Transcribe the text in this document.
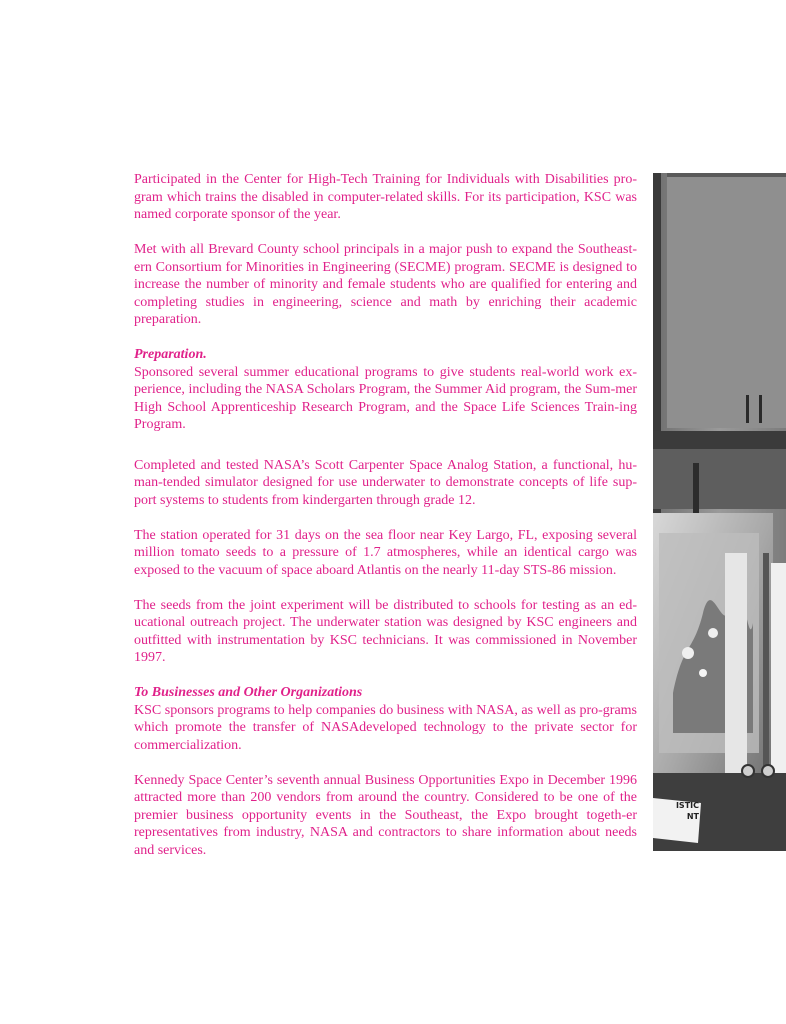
Participated in the Center for High-Tech Training for Individuals with Disabilities pro-gram which trains the disabled in computer-related skills. For its participation, KSC was named corporate sponsor of the year.

Met with all Brevard County school principals in a major push to expand the Southeast-ern Consortium for Minorities in Engineering (SECME) program. SECME is designed to increase the number of minority and female students who are qualified for entering and completing studies in engineering, science and math by enriching their academic preparation.

Preparation.

Sponsored several summer educational programs to give students real-world work ex-perience, including the NASA Scholars Program, the Summer Aid program, the Sum-mer High School Apprenticeship Research Program, and the Space Life Sciences Train-ing Program.

Completed and tested NASA’s Scott Carpenter Space Analog Station, a functional, hu-man-tended simulator designed for use underwater to demonstrate concepts of life sup-port systems to students from kindergarten through grade 12.

The station operated for 31 days on the sea floor near Key Largo, FL, exposing several million tomato seeds to a pressure of 1.7 atmospheres, while an identical cargo was exposed to the vacuum of space aboard Atlantis on the nearly 11-day STS-86 mission.

The seeds from the joint experiment will be distributed to schools for testing as an ed-ucational outreach project. The underwater station was designed by KSC engineers and outfitted with instrumentation by KSC technicians. It was commissioned in November 1997.

To Businesses and Other Organizations

KSC sponsors programs to help companies do business with NASA, as well as pro-grams which promote the transfer of NASAdeveloped technology to the private sector for commercialization.

Kennedy Space Center’s seventh annual Business Opportunities Expo in December 1996 attracted more than 200 vendors from around the country. Considered to be one of the premier business opportunity events in the Southeast, the Expo brought togeth-er representatives from industry, NASA and contractors to share information about needs and services.

ISTIC
NT
